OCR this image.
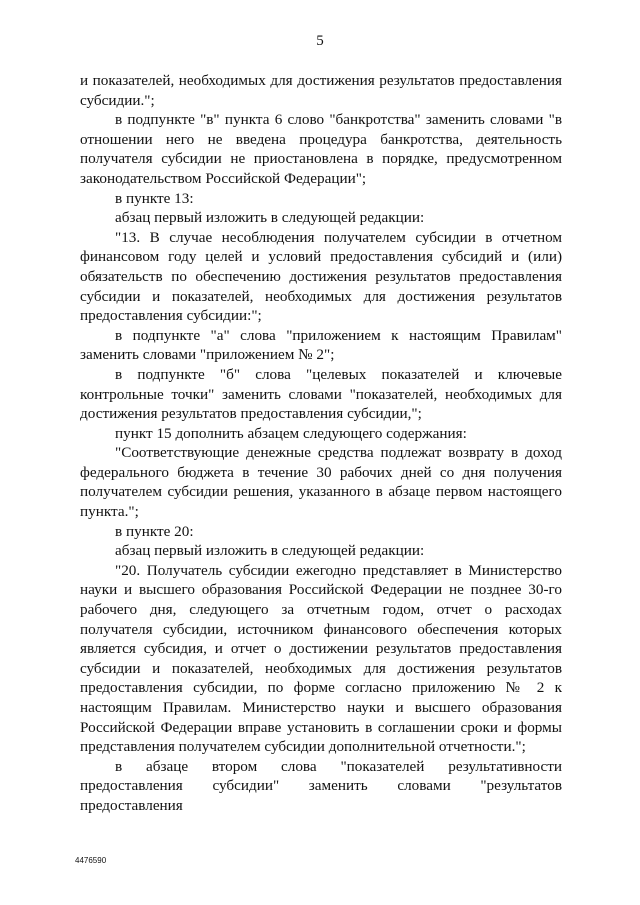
5

и показателей, необходимых для достижения результатов предоставления субсидии.";

в подпункте "в" пункта 6 слово "банкротства" заменить словами "в отношении него не введена процедура банкротства, деятельность получателя субсидии не приостановлена в порядке, предусмотренном законодательством Российской Федерации";

в пункте 13:

абзац первый изложить в следующей редакции:

"13. В случае несоблюдения получателем субсидии в отчетном финансовом году целей и условий предоставления субсидий и (или) обязательств по обеспечению достижения результатов предоставления субсидии и показателей, необходимых для достижения результатов предоставления субсидии:";

в подпункте "а" слова "приложением к настоящим Правилам" заменить словами "приложением № 2";

в подпункте "б" слова "целевых показателей и ключевые контрольные точки" заменить словами "показателей, необходимых для достижения результатов предоставления субсидии,";

пункт 15 дополнить абзацем следующего содержания:

"Соответствующие денежные средства подлежат возврату в доход федерального бюджета в течение 30 рабочих дней со дня получения получателем субсидии решения, указанного в абзаце первом настоящего пункта.";

в пункте 20:

абзац первый изложить в следующей редакции:

"20. Получатель субсидии ежегодно представляет в Министерство науки и высшего образования Российской Федерации не позднее 30-го рабочего дня, следующего за отчетным годом, отчет о расходах получателя субсидии, источником финансового обеспечения которых является субсидия, и отчет о достижении результатов предоставления субсидии и показателей, необходимых для достижения результатов предоставления субсидии, по форме согласно приложению № 2 к настоящим Правилам. Министерство науки и высшего образования Российской Федерации вправе установить в соглашении сроки и формы представления получателем субсидии дополнительной отчетности.";

в абзаце втором слова "показателей результативности предоставления субсидии" заменить словами "результатов предоставления

4476590
